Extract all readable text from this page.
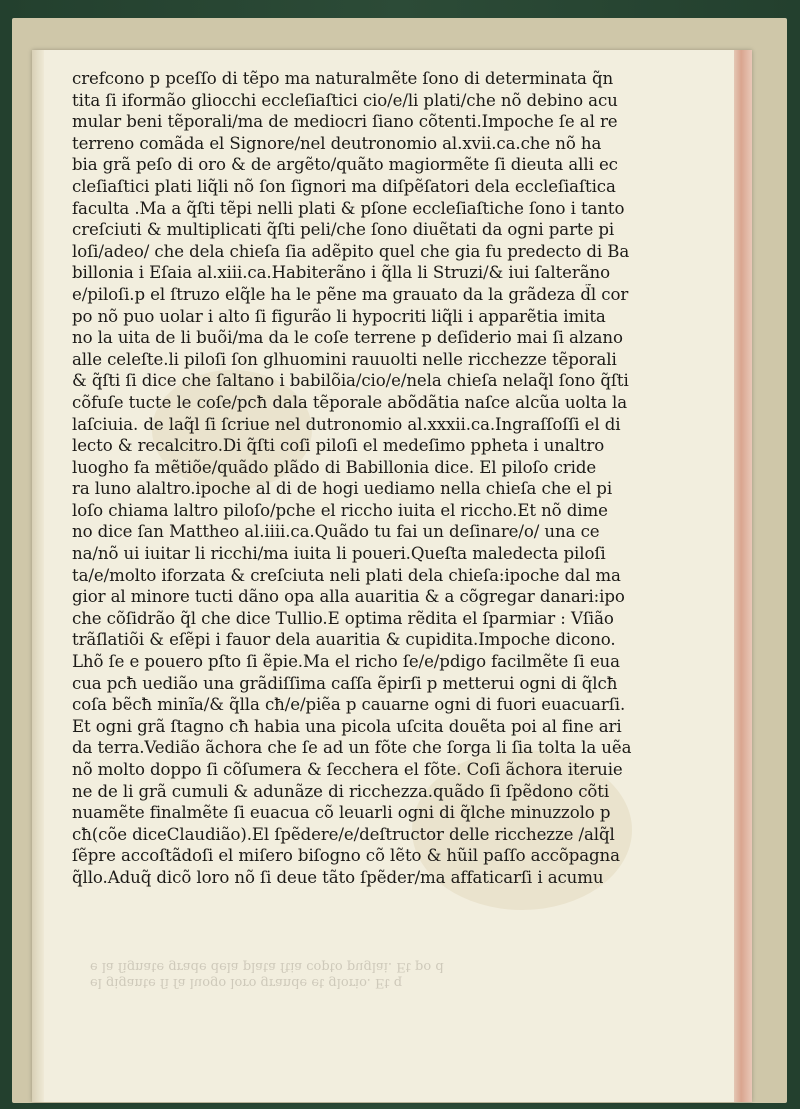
crefcono p pceſſo di tẽpo ma naturalmẽte ſono di determinata q̃n
tita ſi iformão gliocchi eccleſiaſtici cio/e/li plati/che nõ debino acu
mular beni tẽporali/ma de mediocri ſiano cõtenti.Impoche ſe al re
terreno comãda el Signore/nel deutronomio al.xvii.ca.che nõ ha
bia grã peſo di oro & de argẽto/quãto magiormẽte ſi dieuta alli ec
cleſiaſtici plati liq̃li nõ ſon ſignori ma diſpẽſatori dela eccleſiaſtica
faculta .Ma a q̃ſti tẽpi nelli plati & pſone eccleſiaſtiche ſono i tanto
creſciuti & multiplicati q̃ſti peli/che ſono diuẽtati da ogni parte pi
loſi/adeo/ che dela chieſa ſia adẽpito quel che gia fu predecto di Ba
billonia i Eſaia al.xiii.ca.Habiterãno i q̃lla li Struzi/& iui ſalterãno
e/piloſi.p el ſtruzo elq̃le ha le pẽne ma grauato da la grãdeza d̃l cor
po nõ puo uolar i alto ſi figurão li hypocriti liq̃li i apparẽtia imita
no la uita de li buõi/ma da le coſe terrene p deſiderio mai ſi alzano
alle celeſte.li piloſi ſon glhuomini rauuolti nelle ricchezze tẽporali
& q̃ſti ſi dice che ſaltano i babilõia/cio/e/nela chieſa nelaq̃l ſono q̃ſti
cõfuſe tucte le coſe/pcħ dala tẽporale abõdãtia naſce alcũa uolta la
laſciuia. de laq̃l ſi ſcriue nel dutronomio al.xxxii.ca.Ingraſſoſſi el di
lecto & recalcitro.Di q̃ſti coſi piloſi el medeſimo ppheta i unaltro
luogho fa mẽtiõe/quãdo plãdo di Babillonia dice. El piloſo cride
ra luno alaltro.ipoche al di de hogi uediamo nella chieſa che el pi
loſo chiama laltro piloſo/pche el riccho iuita el riccho.Et nõ dime
no dice ſan Mattheo al.iiii.ca.Quãdo tu fai un deſinare/o/ una ce
na/nõ ui iuitar li ricchi/ma iuita li poueri.Queſta maledecta piloſi
ta/e/molto iforzata & creſciuta neli plati dela chieſa:ipoche dal ma
gior al minore tucti dãno opa alla auaritia & a cõgregar danari:ipo
che cõſidrão q̃l che dice Tullio.E optima rẽdita el ſparmiar : Vſião
trãſlatiõi & eſẽpi i fauor dela auaritia & cupidita.Impoche dicono.
Lhõ ſe e pouero pſto ſi ẽpie.Ma el richo ſe/e/pdigo facilmẽte ſi eua
cua pcħ uedião una grãdiſſima caſſa ẽpirſi p metterui ogni di q̃lcħ
coſa bẽcħ minĩa/& q̃lla cħ/e/piẽa p cauarne ogni di fuori euacuarſi.
Et ogni grã ſtagno cħ habia una picola uſcita douẽta poi al fine ari
da terra.Vedião ãchora che ſe ad un fõte che ſorga li ſia tolta la uẽa
nõ molto doppo ſi cõſumera & ſecchera el fõte. Coſi ãchora iteruie
ne de li grã cumuli & adunãze di ricchezza.quãdo ſi ſpẽdono cõti
nuamẽte finalmẽte ſi euacua cõ leuarli ogni di q̃lche minuzzolo p
cħ(cõe diceClaudião).El ſpẽdere/e/deſtructor delle ricchezze /alq̃l
ſẽpre accoſtãdoſi el miſero biſogno cõ lẽto & hũil paſſo accõpagna
q̃llo.Aduq̃ dicõ loro nõ ſi deue tãto ſpẽder/ma affaticarſi i acumu
el gigante ſi ſa luogo loro grande et glorio. Et q
e la ſignate grade dela plata ſtia copto puglai. Et po d
